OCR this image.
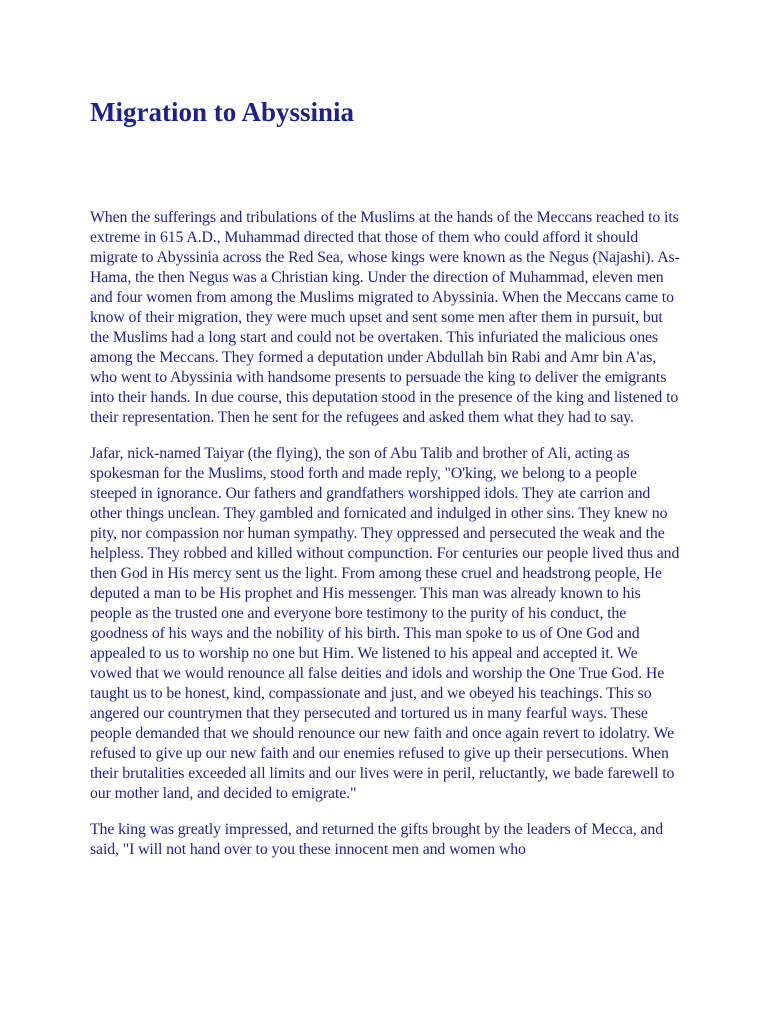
Migration to Abyssinia

When the sufferings and tribulations of the Muslims at the hands of the Meccans reached to its extreme in 615 A.D., Muhammad directed that those of them who could afford it should migrate to Abyssinia across the Red Sea, whose kings were known as the Negus (Najashi). As-Hama, the then Negus was a Christian king. Under the direction of Muhammad, eleven men and four women from among the Muslims migrated to Abyssinia. When the Meccans came to know of their migration, they were much upset and sent some men after them in pursuit, but the Muslims had a long start and could not be overtaken. This infuriated the malicious ones among the Meccans. They formed a deputation under Abdullah bin Rabi and Amr bin A'as, who went to Abyssinia with handsome presents to persuade the king to deliver the emigrants into their hands. In due course, this deputation stood in the presence of the king and listened to their representation. Then he sent for the refugees and asked them what they had to say.

Jafar, nick-named Taiyar (the flying), the son of Abu Talib and brother of Ali, acting as spokesman for the Muslims, stood forth and made reply, "O'king, we belong to a people steeped in ignorance. Our fathers and grandfathers worshipped idols. They ate carrion and other things unclean. They gambled and fornicated and indulged in other sins. They knew no pity, nor compassion nor human sympathy. They oppressed and persecuted the weak and the helpless. They robbed and killed without compunction. For centuries our people lived thus and then God in His mercy sent us the light. From among these cruel and headstrong people, He deputed a man to be His prophet and His messenger. This man was already known to his people as the trusted one and everyone bore testimony to the purity of his conduct, the goodness of his ways and the nobility of his birth. This man spoke to us of One God and appealed to us to worship no one but Him. We listened to his appeal and accepted it. We vowed that we would renounce all false deities and idols and worship the One True God. He taught us to be honest, kind, compassionate and just, and we obeyed his teachings. This so angered our countrymen that they persecuted and tortured us in many fearful ways. These people demanded that we should renounce our new faith and once again revert to idolatry. We refused to give up our new faith and our enemies refused to give up their persecutions. When their brutalities exceeded all limits and our lives were in peril, reluctantly, we bade farewell to our mother land, and decided to emigrate."

The king was greatly impressed, and returned the gifts brought by the leaders of Mecca, and said, "I will not hand over to you these innocent men and women who
